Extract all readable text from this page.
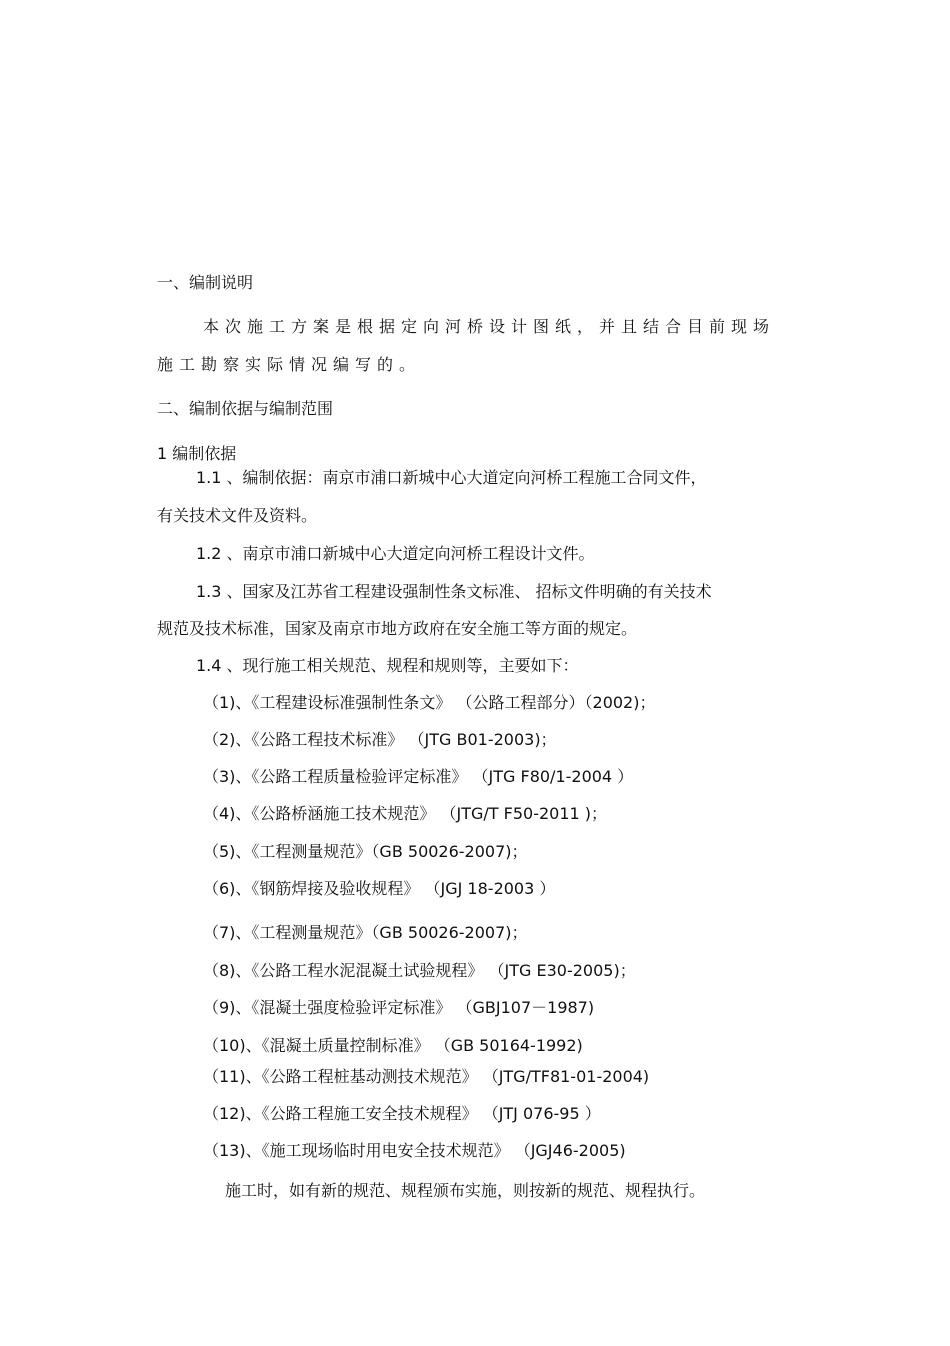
一、编制说明
本次施工方案是根据定向河桥设计图纸，并且结合目前现场
施工勘察实际情况编写的。
二、编制依据与编制范围
1 编制依据
1.1 、编制依据：南京市浦口新城中心大道定向河桥工程施工合同文件，
有关技术文件及资料。
1.2 、南京市浦口新城中心大道定向河桥工程设计文件。
1.3 、国家及江苏省工程建设强制性条文标准、 招标文件明确的有关技术
规范及技术标准，国家及南京市地方政府在安全施工等方面的规定。
1.4 、现行施工相关规范、规程和规则等，主要如下：
（1)、《工程建设标准强制性条文》 （公路工程部分）（2002)；
（2)、《公路工程技术标准》 （JTG B01-2003)；
（3)、《公路工程质量检验评定标准》 （JTG F80/1-2004 ）
（4)、《公路桥涵施工技术规范》 （JTG/T F50-2011 )；
（5)、《工程测量规范》（GB 50026-2007)；
（6)、《钢筋焊接及验收规程》 （JGJ 18-2003 ）
（7)、《工程测量规范》（GB 50026-2007)；
（8)、《公路工程水泥混凝土试验规程》 （JTG E30-2005)；
（9)、《混凝土强度检验评定标准》 （GBJ107－1987)
（10)、《混凝土质量控制标准》 （GB 50164-1992)
（11)、《公路工程桩基动测技术规范》 （JTG/TF81-01-2004)
（12)、《公路工程施工安全技术规程》 （JTJ 076-95 ）
（13)、《施工现场临时用电安全技术规范》 （JGJ46-2005)
施工时，如有新的规范、规程颁布实施，则按新的规范、规程执行。
